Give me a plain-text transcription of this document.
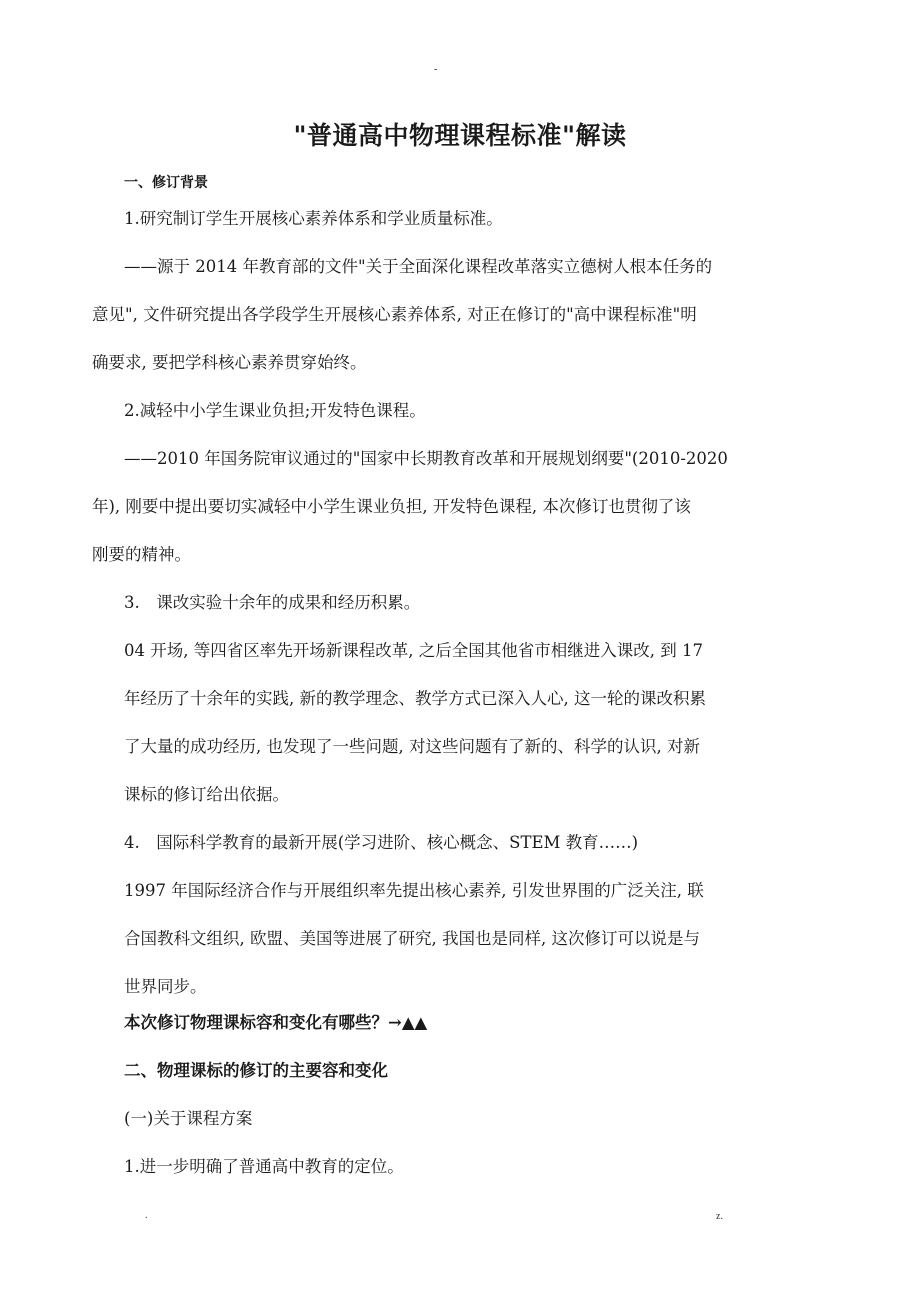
-
"普通高中物理课程标准"解读
一、修订背景
1.研究制订学生开展核心素养体系和学业质量标准。
——源于 2014 年教育部的文件"关于全面深化课程改革落实立德树人根本任务的
意见", 文件研究提出各学段学生开展核心素养体系, 对正在修订的"高中课程标准"明
确要求, 要把学科核心素养贯穿始终。
2.减轻中小学生课业负担;开发特色课程。
——2010 年国务院审议通过的"国家中长期教育改革和开展规划纲要"(2010-2020
年), 刚要中提出要切实减轻中小学生课业负担, 开发特色课程, 本次修订也贯彻了该
刚要的精神。
3.　课改实验十余年的成果和经历积累。
04 开场, 等四省区率先开场新课程改革, 之后全国其他省市相继进入课改, 到 17
年经历了十余年的实践, 新的教学理念、教学方式已深入人心, 这一轮的课改积累
了大量的成功经历, 也发现了一些问题, 对这些问题有了新的、科学的认识, 对新
课标的修订给出依据。
4.　国际科学教育的最新开展(学习进阶、核心概念、STEM 教育……)
1997 年国际经济合作与开展组织率先提出核心素养, 引发世界围的广泛关注, 联
合国教科文组织, 欧盟、美国等进展了研究, 我国也是同样, 这次修订可以说是与
世界同步。
本次修订物理课标容和变化有哪些？→▲▲
二、物理课标的修订的主要容和变化
(一)关于课程方案
1.进一步明确了普通高中教育的定位。
.	z.
